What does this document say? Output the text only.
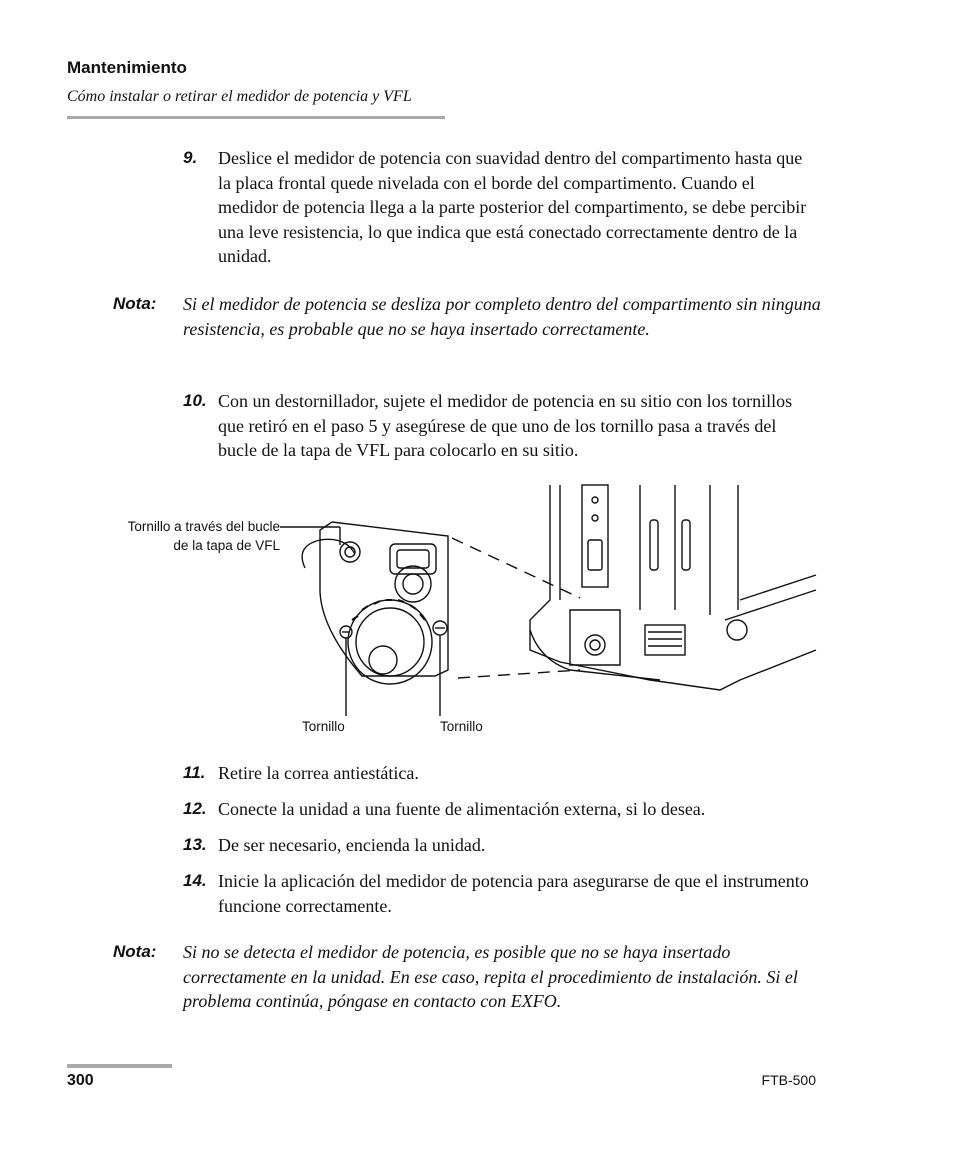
Mantenimiento
Cómo instalar o retirar el medidor de potencia y VFL
9. Deslice el medidor de potencia con suavidad dentro del compartimento hasta que la placa frontal quede nivelada con el borde del compartimento. Cuando el medidor de potencia llega a la parte posterior del compartimento, se debe percibir una leve resistencia, lo que indica que está conectado correctamente dentro de la unidad.
Nota: Si el medidor de potencia se desliza por completo dentro del compartimento sin ninguna resistencia, es probable que no se haya insertado correctamente.
10. Con un destornillador, sujete el medidor de potencia en su sitio con los tornillos que retiró en el paso 5 y asegúrese de que uno de los tornillo pasa a través del bucle de la tapa de VFL para colocarlo en su sitio.
Tornillo a través del bucle
de la tapa de VFL
Tornillo	Tornillo
11. Retire la correa antiestática.
12. Conecte la unidad a una fuente de alimentación externa, si lo desea.
13. De ser necesario, encienda la unidad.
14. Inicie la aplicación del medidor de potencia para asegurarse de que el instrumento funcione correctamente.
Nota: Si no se detecta el medidor de potencia, es posible que no se haya insertado correctamente en la unidad. En ese caso, repita el procedimiento de instalación. Si el problema continúa, póngase en contacto con EXFO.
300	FTB-500
